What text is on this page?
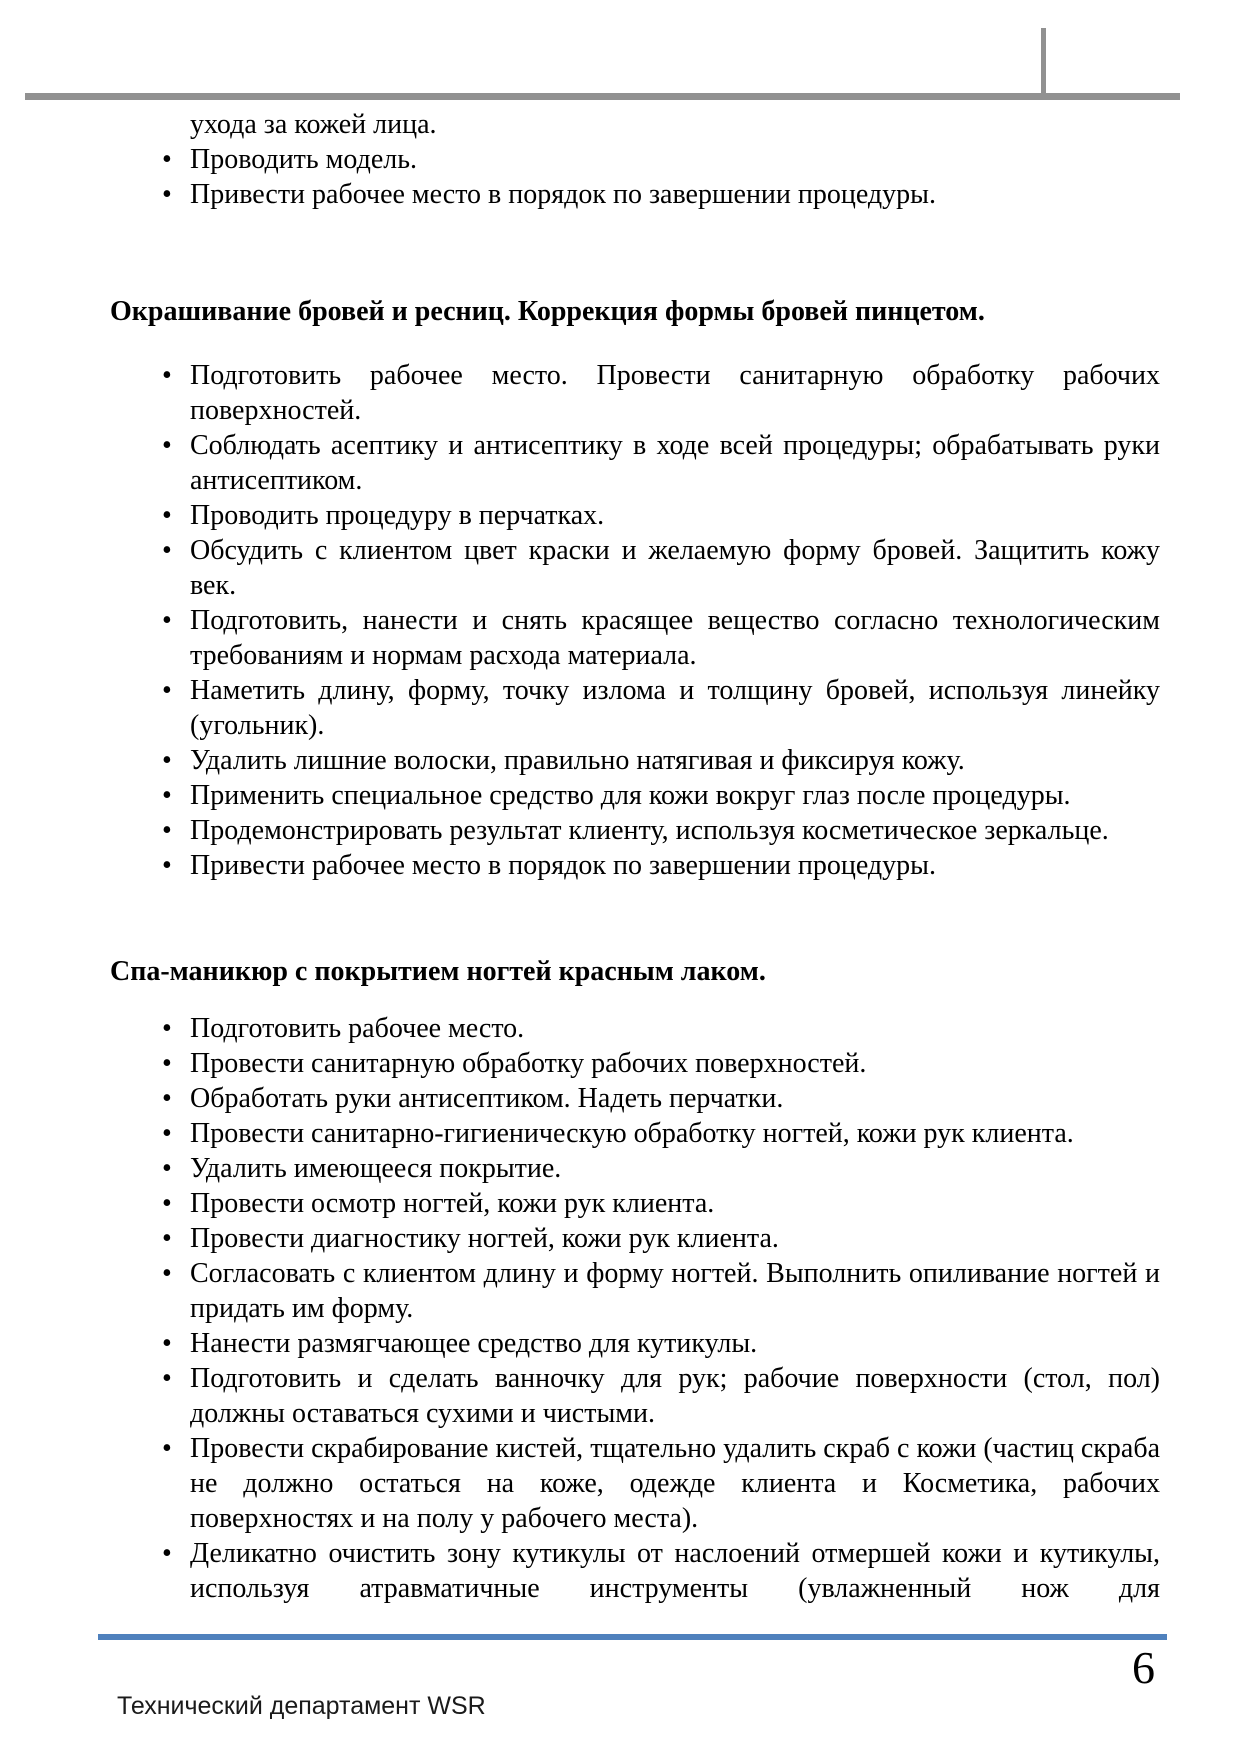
ухода за кожей лица.
• Проводить модель.
• Привести рабочее место в порядок по завершении процедуры.
Окрашивание бровей и ресниц. Коррекция формы бровей пинцетом.
• Подготовить рабочее место. Провести санитарную обработку рабочих поверхностей.
• Соблюдать асептику и антисептику в ходе всей процедуры; обрабатывать руки антисептиком.
• Проводить процедуру в перчатках.
• Обсудить с клиентом цвет краски и желаемую форму бровей. Защитить кожу век.
• Подготовить, нанести и снять красящее вещество согласно технологическим требованиям и нормам расхода материала.
• Наметить длину, форму, точку излома и толщину бровей, используя линейку (угольник).
• Удалить лишние волоски, правильно натягивая и фиксируя кожу.
• Применить специальное средство для кожи вокруг глаз после процедуры.
• Продемонстрировать результат клиенту, используя косметическое зеркальце.
• Привести рабочее место в порядок по завершении процедуры.
Спа-маникюр с покрытием ногтей красным лаком.
• Подготовить рабочее место.
• Провести санитарную обработку рабочих поверхностей.
• Обработать руки антисептиком. Надеть перчатки.
• Провести санитарно-гигиеническую обработку ногтей, кожи рук клиента.
• Удалить имеющееся покрытие.
• Провести осмотр ногтей, кожи рук клиента.
• Провести диагностику ногтей, кожи рук клиента.
• Согласовать с клиентом длину и форму ногтей. Выполнить опиливание ногтей и придать им форму.
• Нанести размягчающее средство для кутикулы.
• Подготовить и сделать ванночку для рук; рабочие поверхности (стол, пол) должны оставаться сухими и чистыми.
• Провести скрабирование кистей, тщательно удалить скраб с кожи (частиц скраба не должно остаться на коже, одежде клиента и Косметика, рабочих поверхностях и на полу у рабочего места).
• Деликатно очистить зону кутикулы от наслоений отмершей кожи и кутикулы, используя атравматичные инструменты (увлажненный нож для
6
Технический департамент WSR
